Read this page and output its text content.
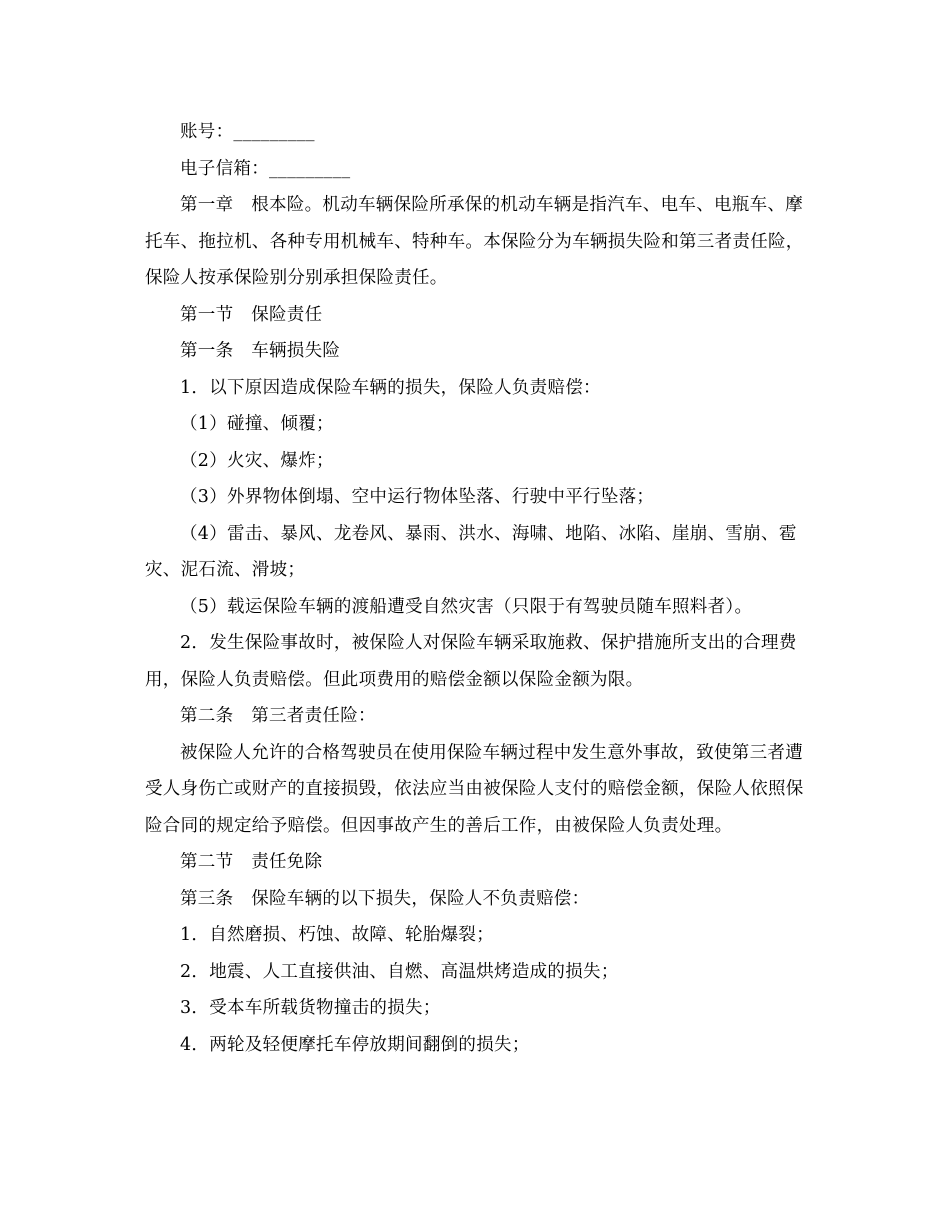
账号：_________

电子信箱：_________

第一章　根本险。机动车辆保险所承保的机动车辆是指汽车、电车、电瓶车、摩托车、拖拉机、各种专用机械车、特种车。本保险分为车辆损失险和第三者责任险，保险人按承保险别分别承担保险责任。

第一节　保险责任

第一条　车辆损失险

1．以下原因造成保险车辆的损失，保险人负责赔偿：

（1）碰撞、倾覆；

（2）火灾、爆炸；

（3）外界物体倒塌、空中运行物体坠落、行驶中平行坠落；

（4）雷击、暴风、龙卷风、暴雨、洪水、海啸、地陷、冰陷、崖崩、雪崩、雹灾、泥石流、滑坡；

（5）载运保险车辆的渡船遭受自然灾害（只限于有驾驶员随车照料者）。

2．发生保险事故时，被保险人对保险车辆采取施救、保护措施所支出的合理费用，保险人负责赔偿。但此项费用的赔偿金额以保险金额为限。

第二条　第三者责任险：

被保险人允许的合格驾驶员在使用保险车辆过程中发生意外事故，致使第三者遭受人身伤亡或财产的直接损毁，依法应当由被保险人支付的赔偿金额，保险人依照保险合同的规定给予赔偿。但因事故产生的善后工作，由被保险人负责处理。

第二节　责任免除

第三条　保险车辆的以下损失，保险人不负责赔偿：

1．自然磨损、朽蚀、故障、轮胎爆裂；

2．地震、人工直接供油、自燃、高温烘烤造成的损失；

3．受本车所载货物撞击的损失；

4．两轮及轻便摩托车停放期间翻倒的损失；
